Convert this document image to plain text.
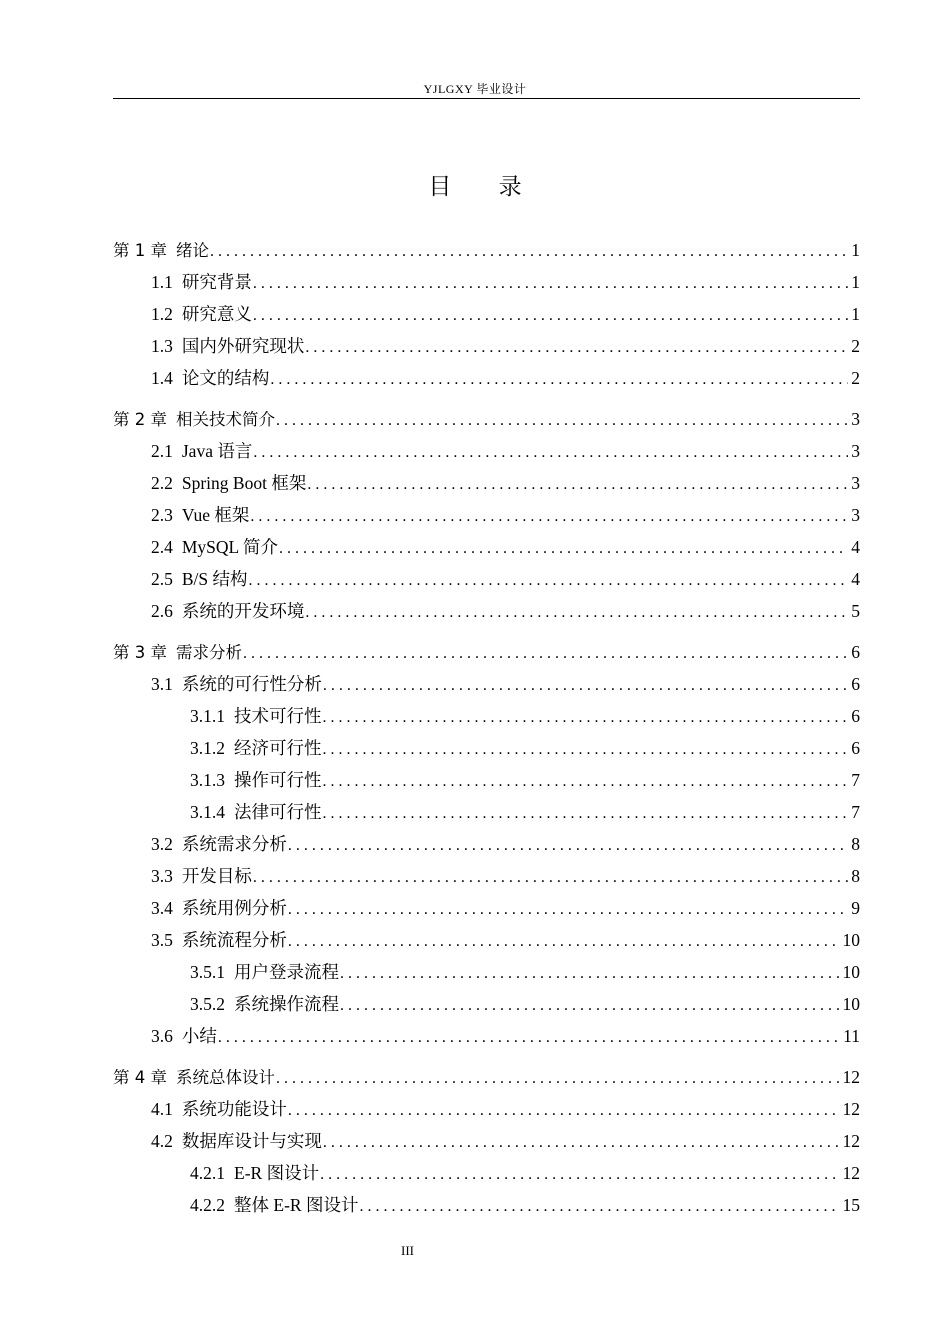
YJLGXY 毕业设计
目 录
第 1 章 绪论 . . .	1
1.1 研究背景 . . .	1
1.2 研究意义 . . .	1
1.3 国内外研究现状 . . .	2
1.4 论文的结构 . . .	2
第 2 章 相关技术简介 . . .	3
2.1 Java 语言 . . .	3
2.2 Spring Boot 框架 . . .	3
2.3 Vue 框架 . . .	3
2.4 MySQL 简介 . . .	4
2.5 B/S 结构 . . .	4
2.6 系统的开发环境 . . .	5
第 3 章 需求分析 . . .	6
3.1 系统的可行性分析 . . .	6
3.1.1 技术可行性 . . .	6
3.1.2 经济可行性 . . .	6
3.1.3 操作可行性 . . .	7
3.1.4 法律可行性 . . .	7
3.2 系统需求分析 . . .	8
3.3 开发目标 . . .	8
3.4 系统用例分析 . . .	9
3.5 系统流程分析 . . .	10
3.5.1 用户登录流程 . . .	10
3.5.2 系统操作流程 . . .	10
3.6 小结 . . .	11
第 4 章 系统总体设计 . . .	12
4.1 系统功能设计 . . .	12
4.2 数据库设计与实现 . . .	12
4.2.1 E-R 图设计 . . .	12
4.2.2 整体 E-R 图设计 . . .	15
III
